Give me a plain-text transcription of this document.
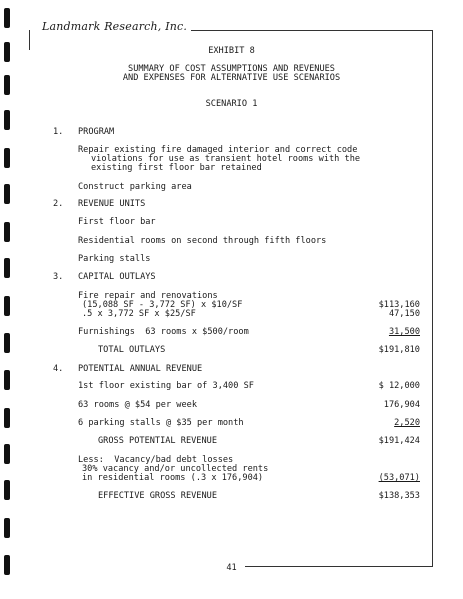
Landmark Research, Inc.
EXHIBIT 8
SUMMARY OF COST ASSUMPTIONS AND REVENUES
AND EXPENSES FOR ALTERNATIVE USE SCENARIOS
SCENARIO 1
1. PROGRAM
Repair existing fire damaged interior and correct code
violations for use as transient hotel rooms with the
existing first floor bar retained
Construct parking area
2. REVENUE UNITS
First floor bar
Residential rooms on second through fifth floors
Parking stalls
3. CAPITAL OUTLAYS
Fire repair and renovations
(15,088 SF - 3,772 SF) x $10/SF	$113,160
.5 x 3,772 SF x $25/SF	47,150
Furnishings  63 rooms x $500/room	31,500
TOTAL OUTLAYS	$191,810
4. POTENTIAL ANNUAL REVENUE
1st floor existing bar of 3,400 SF	$ 12,000
63 rooms @ $54 per week	176,904
6 parking stalls @ $35 per month	2,520
GROSS POTENTIAL REVENUE	$191,424
Less:  Vacancy/bad debt losses
30% vacancy and/or uncollected rents
in residential rooms (.3 x 176,904)	(53,071)
EFFECTIVE GROSS REVENUE	$138,353
41
